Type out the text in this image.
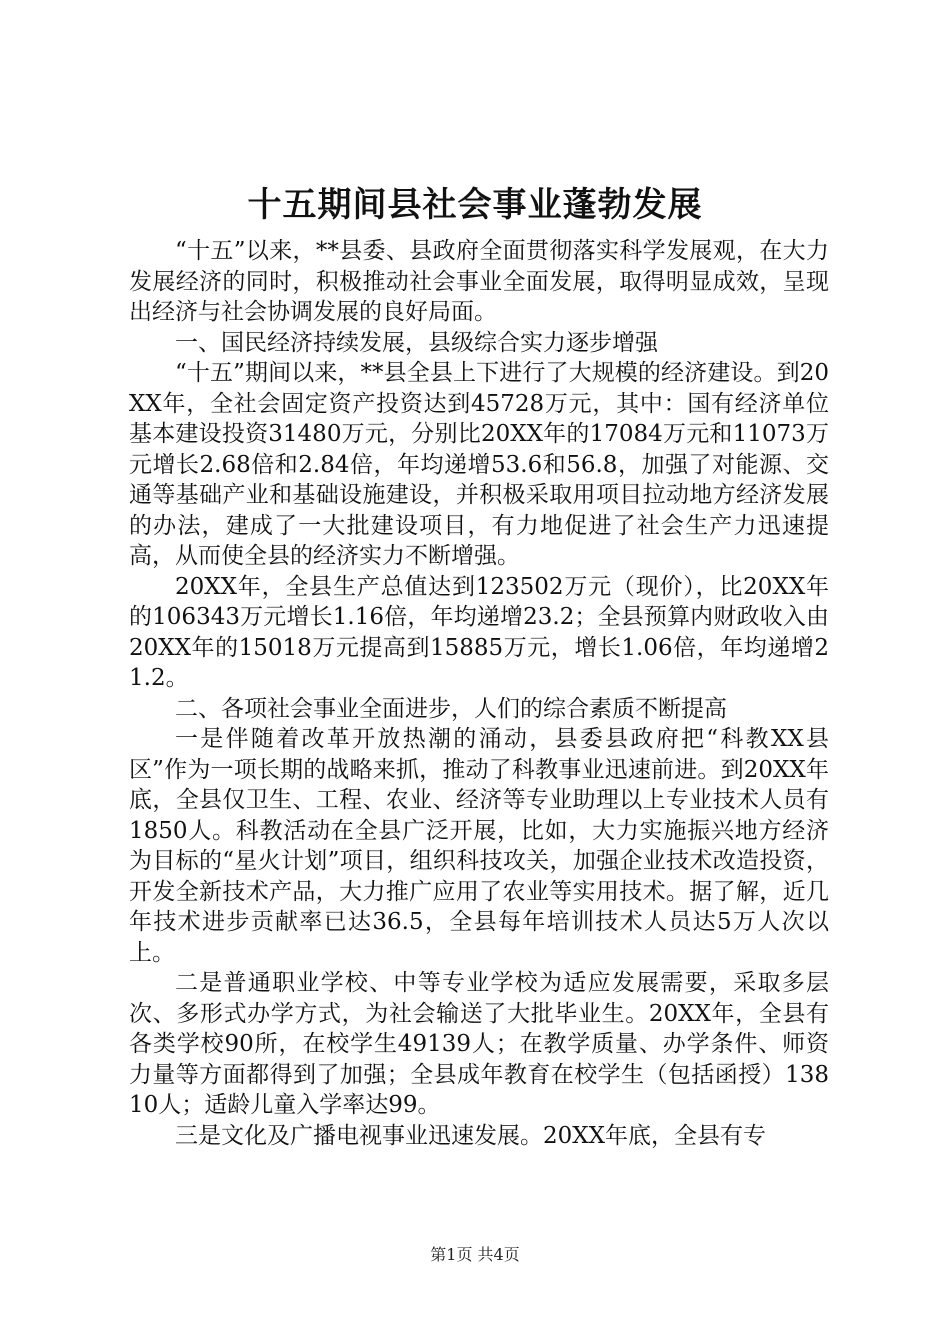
十五期间县社会事业蓬勃发展

“十五”以来，**县委、县政府全面贯彻落实科学发展观，在大力发展经济的同时，积极推动社会事业全面发展，取得明显成效，呈现出经济与社会协调发展的良好局面。

一、国民经济持续发展，县级综合实力逐步增强

“十五”期间以来，**县全县上下进行了大规模的经济建设。到20XX年，全社会固定资产投资达到45728万元，其中：国有经济单位基本建设投资31480万元，分别比20XX年的17084万元和11073万元增长2.68倍和2.84倍，年均递增53.6和56.8，加强了对能源、交通等基础产业和基础设施建设，并积极采取用项目拉动地方经济发展的办法，建成了一大批建设项目，有力地促进了社会生产力迅速提高，从而使全县的经济实力不断增强。

20XX年，全县生产总值达到123502万元（现价），比20XX年的106343万元增长1.16倍，年均递增23.2；全县预算内财政收入由20XX年的15018万元提高到15885万元，增长1.06倍，年均递增21.2。

二、各项社会事业全面进步，人们的综合素质不断提高

一是伴随着改革开放热潮的涌动，县委县政府把“科教XX县区”作为一项长期的战略来抓，推动了科教事业迅速前进。到20XX年底，全县仅卫生、工程、农业、经济等专业助理以上专业技术人员有1850人。科教活动在全县广泛开展，比如，大力实施振兴地方经济为目标的“星火计划”项目，组织科技攻关，加强企业技术改造投资，开发全新技术产品，大力推广应用了农业等实用技术。据了解，近几年技术进步贡献率已达36.5，全县每年培训技术人员达5万人次以上。

二是普通职业学校、中等专业学校为适应发展需要，采取多层次、多形式办学方式，为社会输送了大批毕业生。20XX年，全县有各类学校90所，在校学生49139人；在教学质量、办学条件、师资力量等方面都得到了加强；全县成年教育在校学生（包括函授）13810人；适龄儿童入学率达99。

三是文化及广播电视事业迅速发展。20XX年底，全县有专

第1页 共4页
